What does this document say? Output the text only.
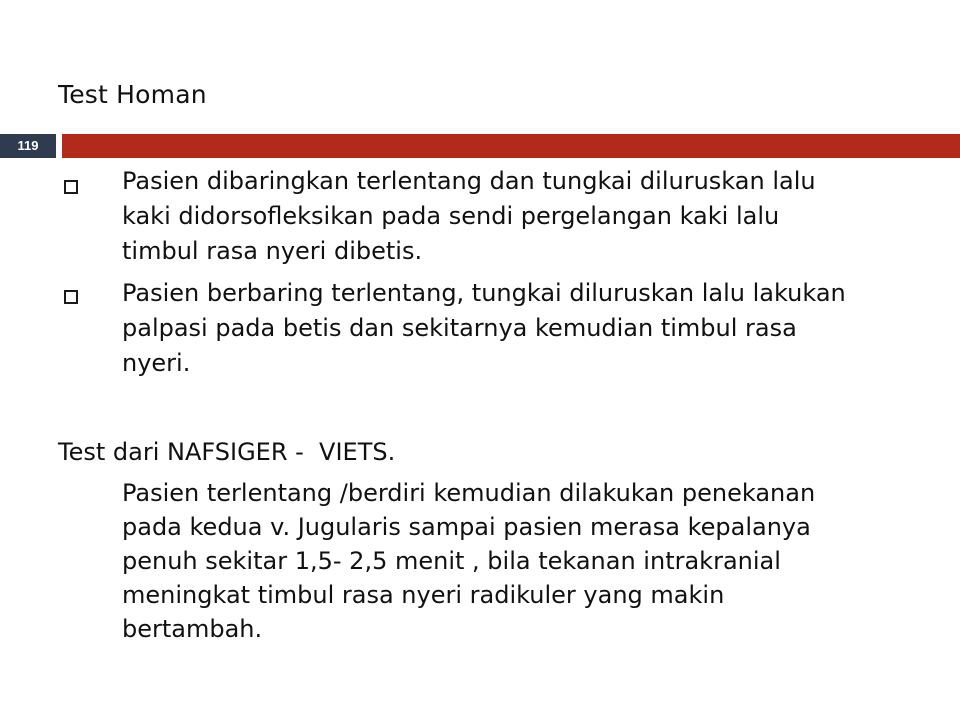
Test Homan
119
Pasien dibaringkan terlentang dan tungkai diluruskan lalu
kaki didorsofleksikan pada sendi pergelangan kaki lalu
timbul rasa nyeri dibetis.
Pasien berbaring terlentang, tungkai diluruskan lalu lakukan
palpasi pada betis dan sekitarnya kemudian timbul rasa
nyeri.
Test dari NAFSIGER -  VIETS.
Pasien terlentang /berdiri kemudian dilakukan penekanan
pada kedua v. Jugularis sampai pasien merasa kepalanya
penuh sekitar 1,5- 2,5 menit , bila tekanan intrakranial
meningkat timbul rasa nyeri radikuler yang makin
bertambah.
